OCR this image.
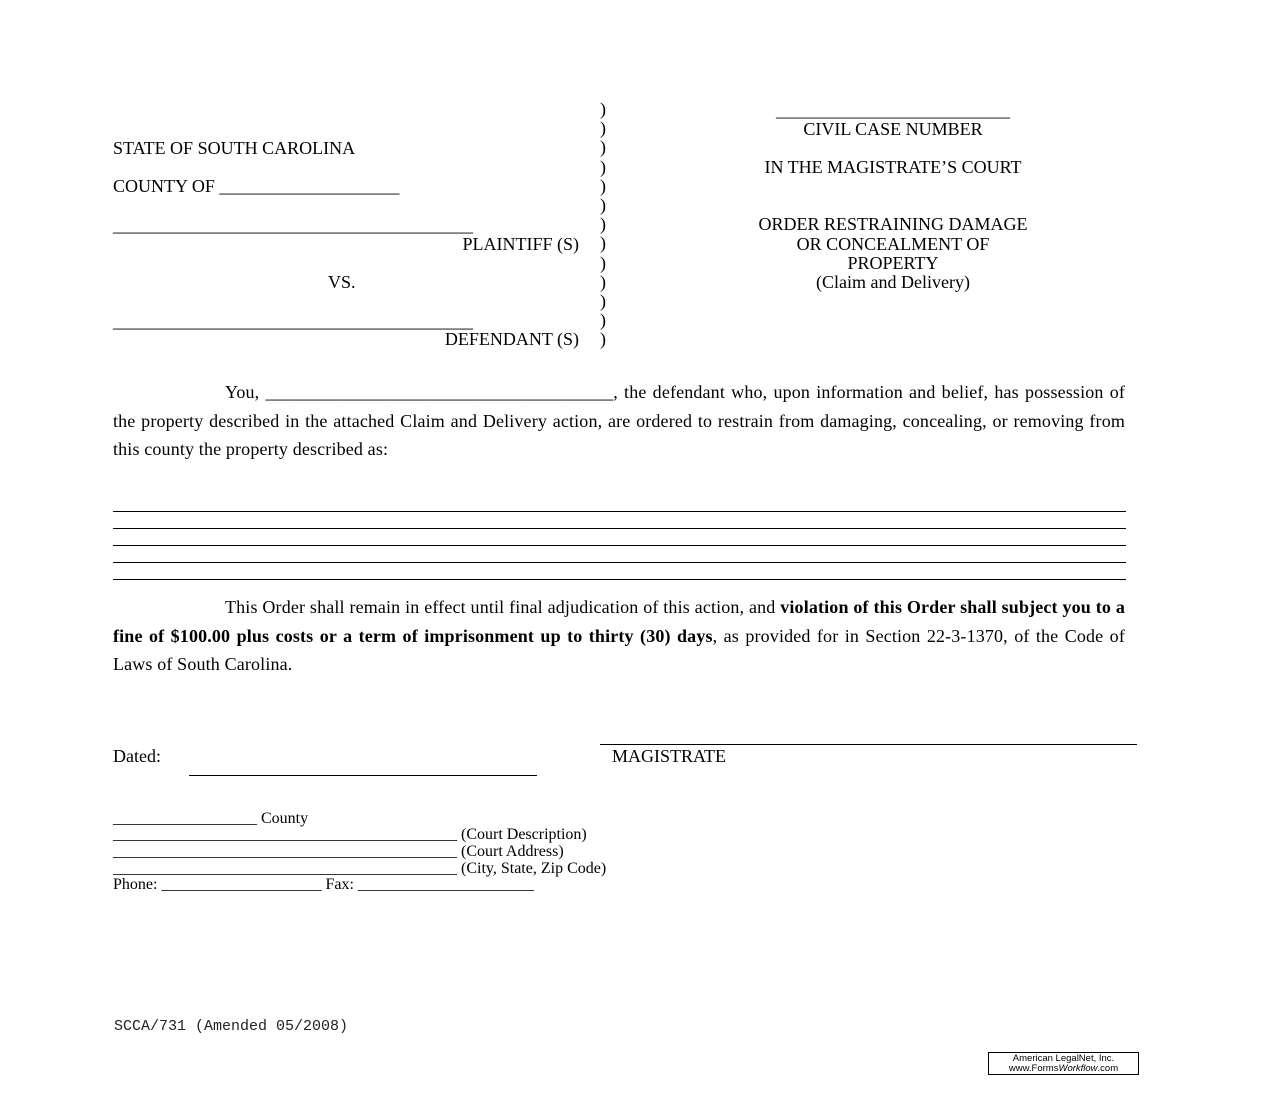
STATE OF SOUTH CAROLINA
COUNTY OF ____________________
________________________________________
PLAINTIFF (S)
VS.
________________________________________
DEFENDANT (S)
)
)
)
)
)
)
)
)
)
)
)
)
)
__________________________
CIVIL CASE NUMBER
IN THE MAGISTRATE’S COURT
ORDER RESTRAINING DAMAGE
OR CONCEALMENT OF
PROPERTY
(Claim and Delivery)
You, ______________________________________, the defendant who, upon information and belief, has possession of the property described in the attached Claim and Delivery action, are ordered to restrain from damaging, concealing, or removing from this county the property described as:
This Order shall remain in effect until final adjudication of this action, and violation of this Order shall subject you to a fine of $100.00 plus costs or a term of imprisonment up to thirty (30) days, as provided for in Section 22-3-1370, of the Code of Laws of South Carolina.
Dated:	MAGISTRATE
__________________ County
___________________________________________ (Court Description)
___________________________________________ (Court Address)
___________________________________________ (City, State, Zip Code)
Phone: ____________________ Fax: ______________________
SCCA/731 (Amended 05/2008)
American LegalNet, Inc.
www.FormsWorkflow.com
